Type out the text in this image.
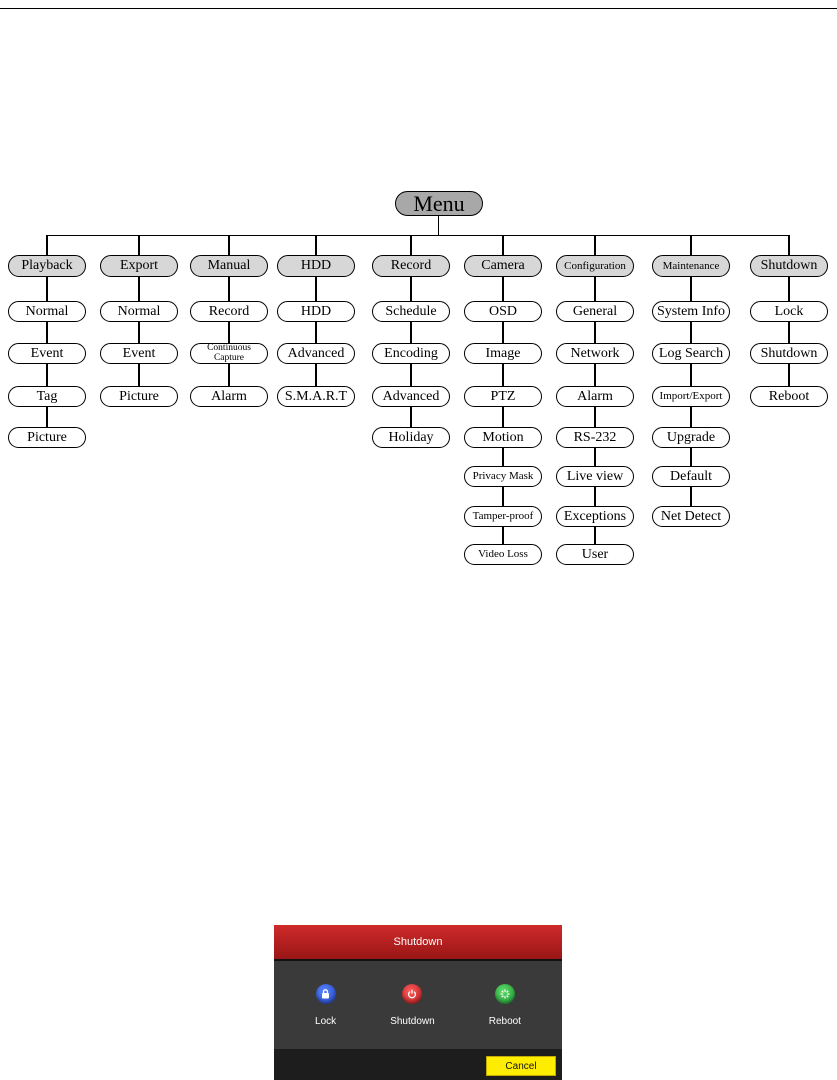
Menu
Playback
Normal
Event
Tag
Picture
Export
Normal
Event
Picture
Manual
Record
Continuous Capture
Alarm
HDD
HDD
Advanced
S.M.A.R.T
Record
Schedule
Encoding
Advanced
Holiday
Camera
OSD
Image
PTZ
Motion
Privacy Mask
Tamper-proof
Video Loss
Configuration
General
Network
Alarm
RS-232
Live view
Exceptions
User
Maintenance
System Info
Log Search
Import/Export
Upgrade
Default
Net Detect
Shutdown
Lock
Shutdown
Reboot
Shutdown
Lock	Shutdown	Reboot
Cancel
